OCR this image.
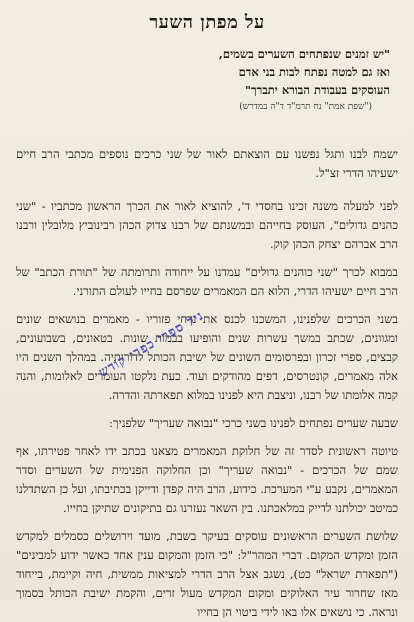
על מפתן השער
"יש זמנים שנפתחים השערים בשמים,
ואז גם למטה נפתח לבות בני אדם
העוסקים בעבודת הבורא יתברך"
("שפת אמת" נח תרמ"ד ד"ה במדרש)

ישמח לבנו ותגל נפשנו עם הוצאתם לאור של שני כרכים נוספים מכתבי הרב חיים ישעיהו הדרי זצ"ל.

לפני למעלה משנה זכינו בחסדי ד', להוציא לאור את הכרך הראשון מכתביו - "שני כהנים גדולים", העוסק בחייהם ובמשנתם של רבנו צדוק הכהן רבינוביץ מלובלין ורבנו הרב אברהם יצחק הכהן קוק.

במבוא לכרך "שני כוהנים גדולים" עמדנו על ייחודה ותרומתה של "תורת הכתב" של הרב חיים ישעיהו הדרי, הלוא הם המאמרים שפרסם בחייו לעולם התורני.

בשני הכרכים שלפנינו, המשכנו לכנס את נדחי פזוריו - מאמרים בנושאים שונים ומגוונים, שכתב במשך עשרות שנים והופיעו בבמות שונות. בטאונים, בשבועונים, קבצים, ספרי זכרון ובפרסומים השונים של ישיבת הכותל לדורותיה. במהלך השנים היו אלה מאמרים, קונטרסים, דפים מהודקים ועוד. כעת נלקטו העומרים לאלומות, והנה קמה אלומתו של רבנו, וניצבת היא לפנינו במלוא תפארתה והדרה.

שבעה שערים נפתחים לפנינו בשני כרכי "נבואה שעריך" שלפניך:

טיוטה ראשונית לסדר זה של חלוקת המאמרים מצאנו בכתב ידו לאחר פטירתו, אף שמם של הכרכים - "נבואה שעריך" וכן החלוקה הפנימית של השערים וסדר המאמרים, נקבע ע"י המערכת. כידוע, הרב היה קפדן ודייקן בכתיבתו, ועל כן השתדלנו כמיטב יכולתנו לדייק במלאכתנו. בין השאר נעזרנו גם בתיקונים שתיקן בחייו.

שלושת השערים הראשונים עוסקים בעיקר בשבת, מועד וירושלים כסמלים למקדש הזמן ומקדש המקום. דברי המהר"ל: "כי הזמן והמקום ענין אחד כאשר ידוע למבינים" ("תפארת ישראל" כט), נשגב אצל הרב הדרי למציאות ממשית, חיה וקיימת, בייחוד מאז שחרור עיר האלוקים ומקום המקדש מעול זרים, והקמת ישיבת הכותל בסמוך ונראה. כי נושאים אלו באו לידי ביטוי הן בחייו

ניל ספרי כפרי קודש
